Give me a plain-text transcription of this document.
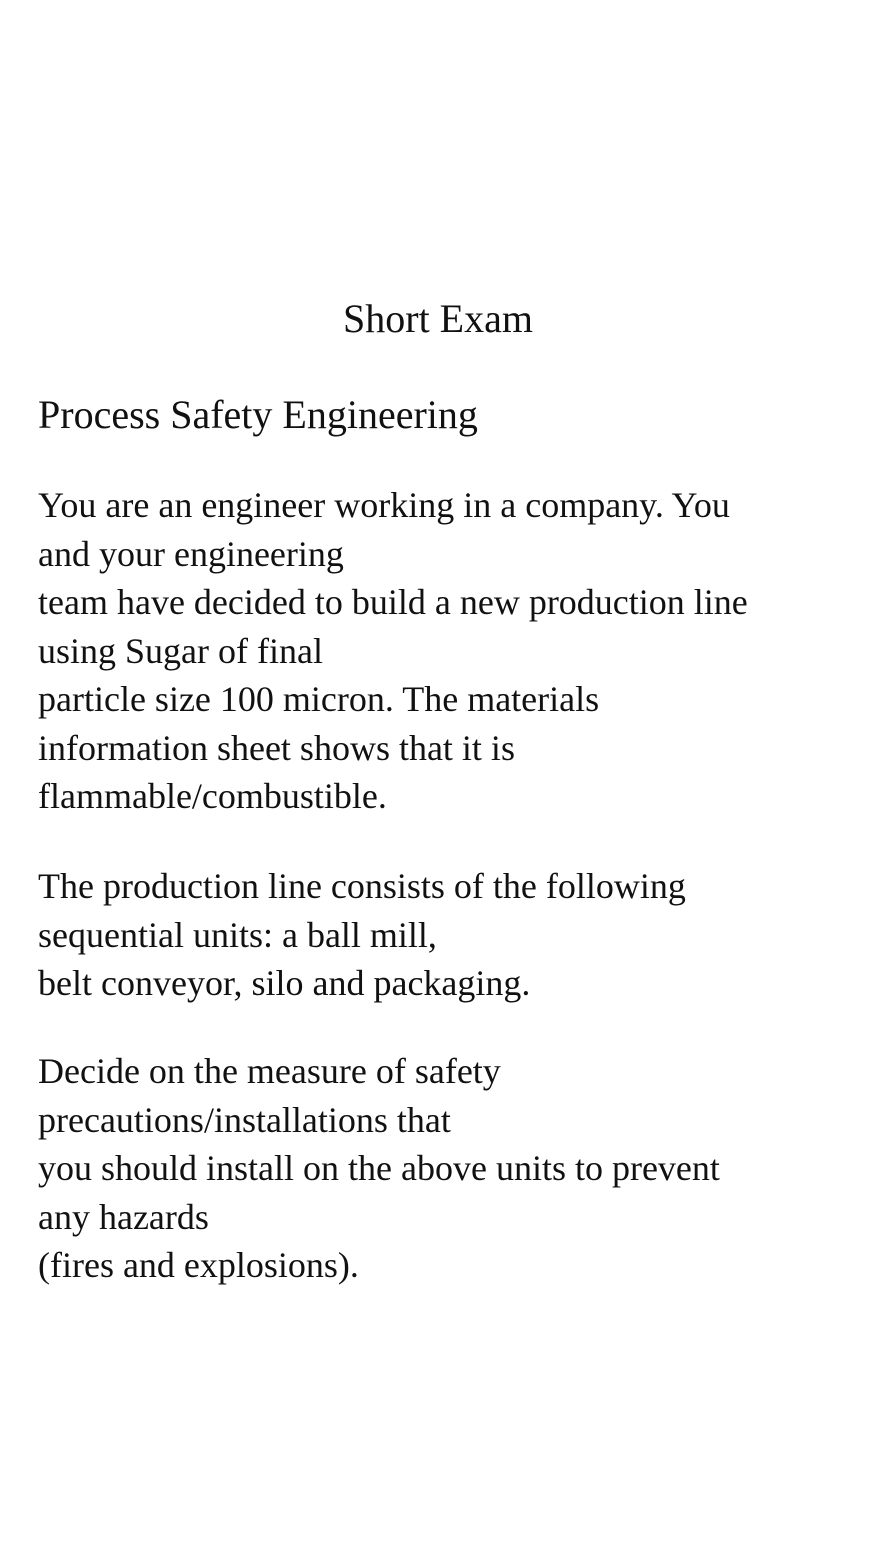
Short Exam
Process Safety Engineering

You are an engineer working in a company. You
and your engineering
team have decided to build a new production line
using Sugar of final
particle size 100 micron. The materials
information sheet shows that it is
flammable/combustible.

The production line consists of the following
sequential units: a ball mill,
belt conveyor, silo and packaging.

Decide on the measure of safety
precautions/installations that
you should install on the above units to prevent
any hazards
(fires and explosions).
